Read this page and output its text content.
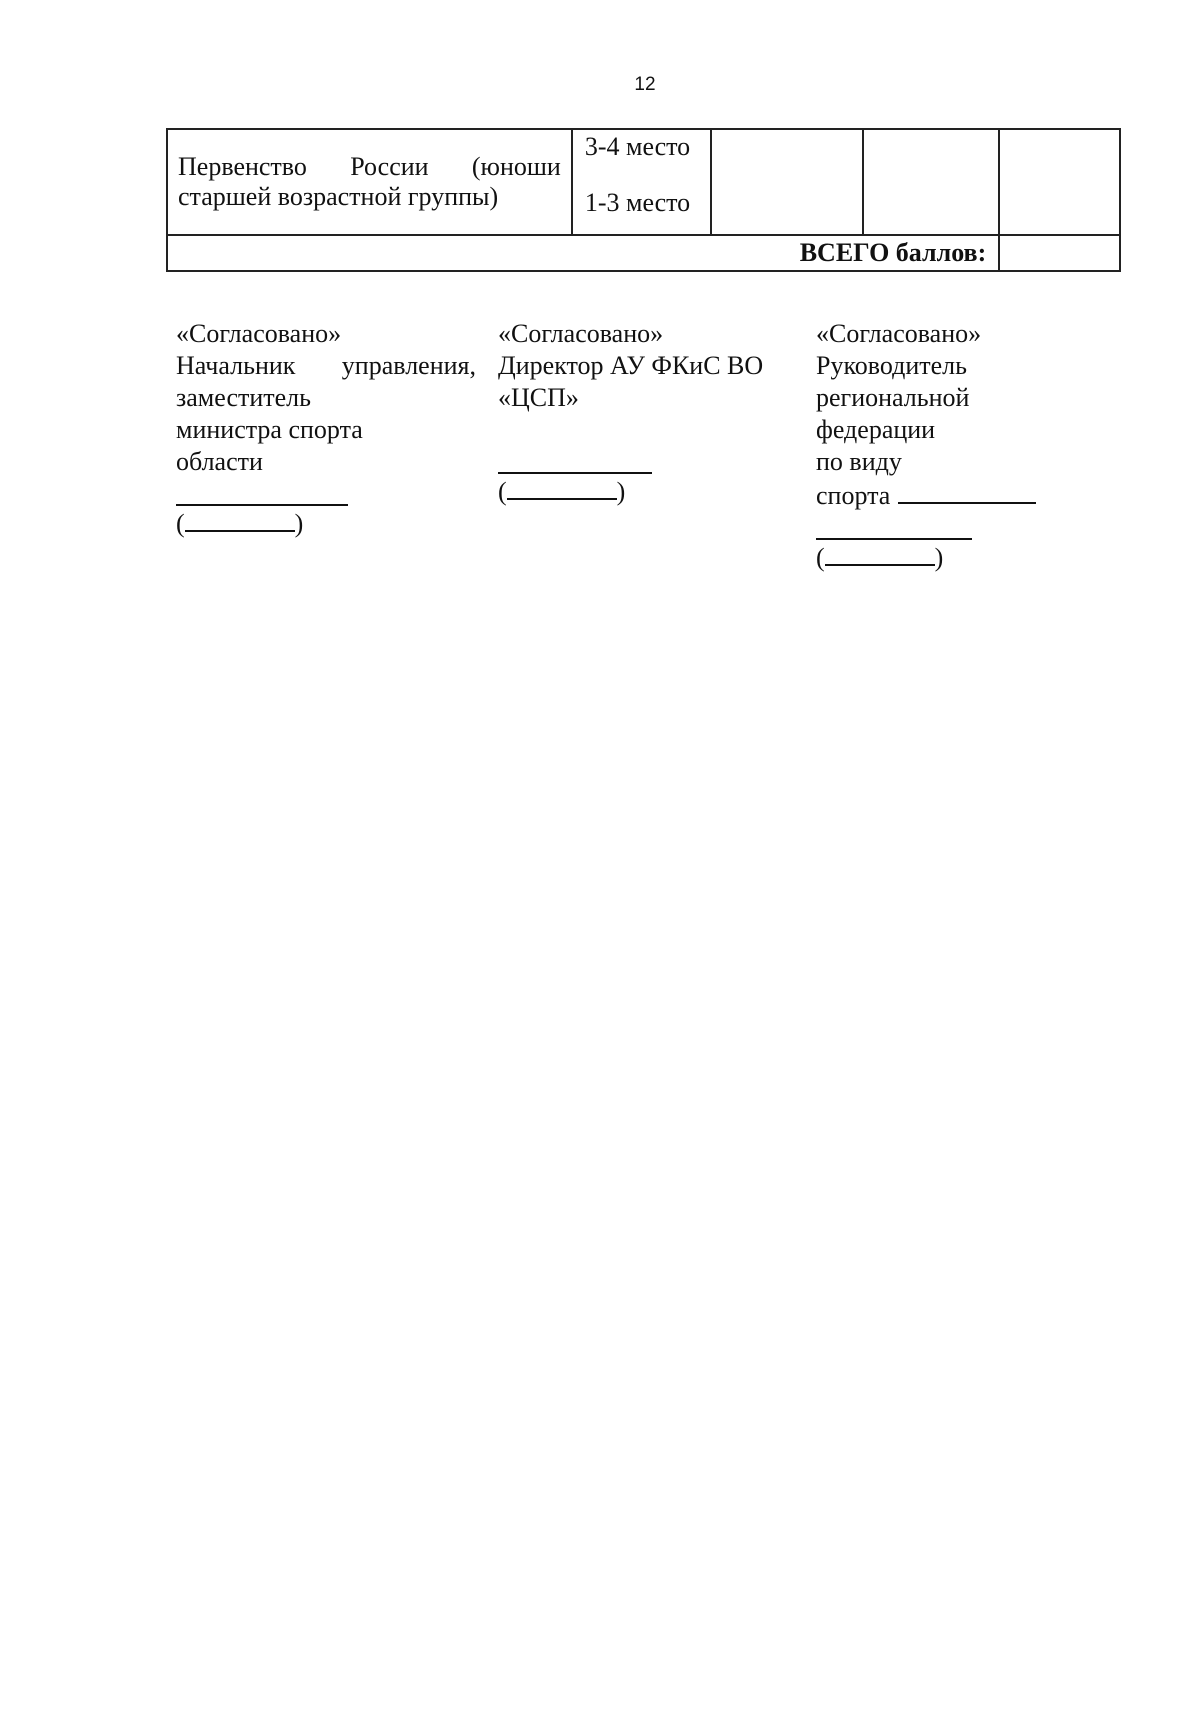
12
Первенство России (юноши старшей возрастной группы)	3-4 место
1-3 место			

ВСЕГО баллов:				
«Согласовано»
Начальник управления,
заместитель
министра спорта
области
(	)
«Согласовано»
Директор АУ ФКиС ВО
«ЦСП»

(	)
«Согласовано»
Руководитель
региональной
федерации
по виду
спорта
(	)
